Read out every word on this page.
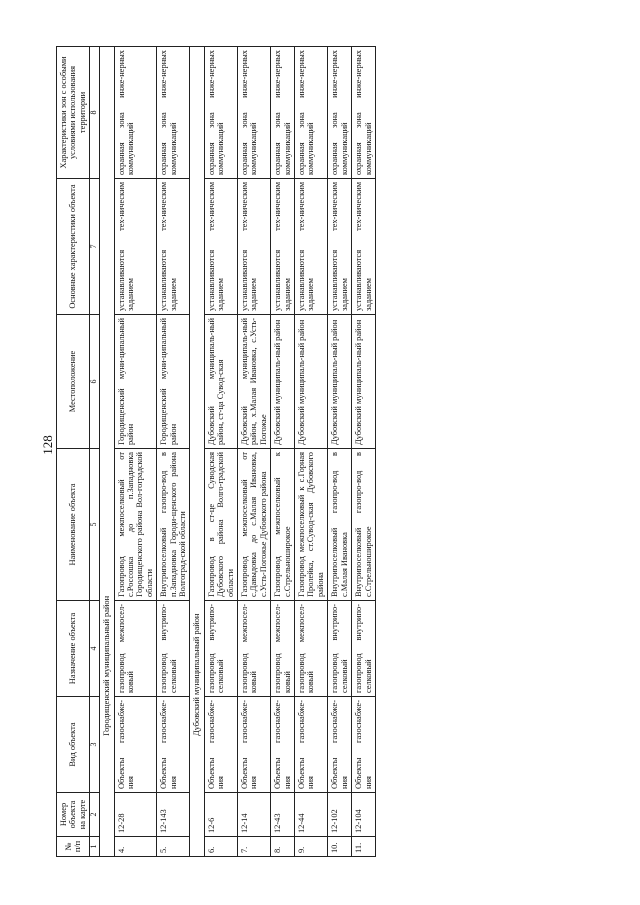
128
№ п/п	Номер объекта на карте	Вид объекта	Назначение объекта	Наименование объекта	Местоположение	Основные характеристики объекта	Характеристики зон с особыми условиями использования территории
1	2	3	4	5	6	7	8
Городищенский муниципальный район							
4.	12-28	Объекты газоснабже-ния	газопровод межпосел-ковый	Газопровод межпоселковый от с.Россошка до п.Западновка Городищенского района Вол-гоградской области	Городищенский муни-ципальный район	устанавливаются тех-ническим заданием	охранная зона инже-нерных коммуникаций
5.	12-143	Объекты газоснабже-ния	газопровод внутрипо-селковый	Внутрипоселковый газопро-вод в п.Западновка Городи-щенского района Волгоград-ской области	Городищенский муни-ципальный район	устанавливаются тех-ническим заданием	охранная зона инже-нерных коммуникаций
Дубовский муниципальный район							
6.	12-6	Объекты газоснабже-ния	газопровод внутрипо-селковый	Газопровод в ст-це Суводская Дубовского района Волго-градской области	Дубовский муниципаль-ный район, ст-ца Сувод-ская	устанавливаются тех-ническим заданием	охранная зона инже-нерных коммуникаций
7.	12-14	Объекты газоснабже-ния	газопровод межпосел-ковый	Газопровод межпоселковый от с.Давыдовка до с.Малая Ивановка, с.Усть-Погожье Дубовского района	Дубовский муниципаль-ный район, х.Малая Ивановка, с.Усть-Погожье	устанавливаются тех-ническим заданием	охранная зона инже-нерных коммуникаций
8.	12-43	Объекты газоснабже-ния	газопровод межпосел-ковый	Газопровод межпоселковый к с.Стрельноширокое	Дубовский муниципаль-ный район	устанавливаются тех-ническим заданием	охранная зона инже-нерных коммуникаций
9.	12-44	Объекты газоснабже-ния	газопровод межпосел-ковый	Газопровод межпоселковый к с.Горная Пролейка, ст.Сувод-ская Дубовского района	Дубовский муниципаль-ный район	устанавливаются тех-ническим заданием	охранная зона инже-нерных коммуникаций
10.	12-102	Объекты газоснабже-ния	газопровод внутрипо-селковый	Внутрипоселковый газопро-вод в с.Малая Ивановка	Дубовский муниципаль-ный район	устанавливаются тех-ническим заданием	охранная зона инже-нерных коммуникаций
11.	12-104	Объекты газоснабже-ния	газопровод внутрипо-селковый	Внутрипоселковый газопро-вод в с.Стрельноширокое	Дубовский муниципаль-ный район	устанавливаются тех-ническим заданием	охранная зона инже-нерных коммуникаций
